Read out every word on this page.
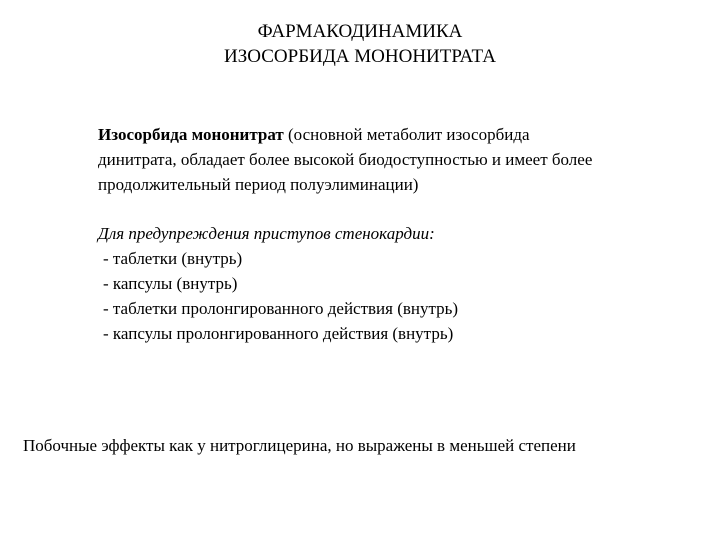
ФАРМАКОДИНАМИКА
ИЗОСОРБИДА МОНОНИТРАТА
Изосорбида мононитрат (основной метаболит изосорбида
динитрата, обладает более высокой биодоступностью и имеет более
продолжительный период полуэлиминации)
Для предупреждения приступов стенокардии:
- таблетки (внутрь)
- капсулы (внутрь)
- таблетки пролонгированного действия (внутрь)
- капсулы пролонгированного действия (внутрь)
Побочные эффекты как у нитроглицерина, но выражены в меньшей степени
